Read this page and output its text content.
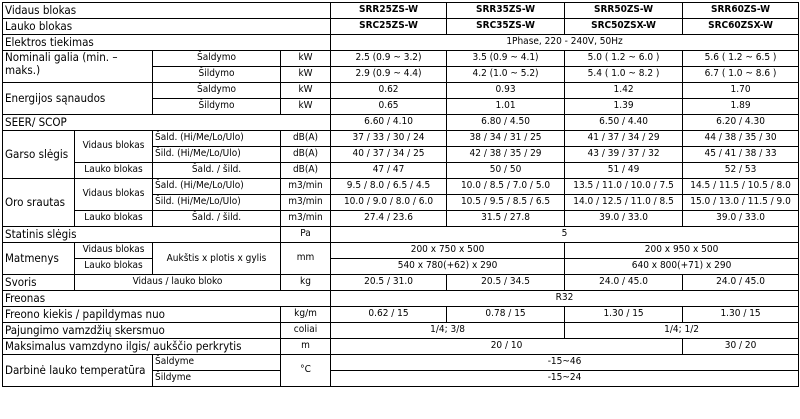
Vidaus blokas				SRR25ZS-W	SRR35ZS-W	SRR50ZS-W	SRR60ZS-W
Lauko blokas				SRC25ZS-W	SRC35ZS-W	SRC50ZSX-W	SRC60ZSX-W
Elektros tiekimas				1Phase, 220 - 240V, 50Hz			
Nominali galia (min. – maks.)		Šaldymo	kW	2.5 (0.9 ~ 3.2)	3.5 (0.9 ~ 4.1)	5.0 ( 1.2 ~ 6.0 )	5.6 ( 1.2 ~ 6.5 )
		Šildymo	kW	2.9 (0.9 ~ 4.4)	4.2 (1.0 ~ 5.2)	5.4 ( 1.0 ~ 8.2 )	6.7 ( 1.0 ~ 8.6 )
Energijos sąnaudos		Šaldymo	kW	0.62	0.93	1.42	1.70
		Šildymo	kW	0.65	1.01	1.39	1.89
SEER/ SCOP				6.60 / 4.10	6.80 / 4.50	6.50 / 4.40	6.20 / 4.30
Garso slėgis	Vidaus blokas	Šald. (Hi/Me/Lo/Ulo)	dB(A)	37 / 33 / 30 / 24	38 / 34 / 31 / 25	41 / 37 / 34 / 29	44 / 38 / 35 / 30
		Šild. (Hi/Me/Lo/Ulo)	dB(A)	40 / 37 / 34 / 25	42 / 38 / 35 / 29	43 / 39 / 37 / 32	45 / 41 / 38 / 33
	Lauko blokas	Šald. / šild.	dB(A)	47 / 47	50 / 50	51 / 49	52 / 53
Oro srautas	Vidaus blokas	Šald. (Hi/Me/Lo/Ulo)	m3/min	9.5 / 8.0 / 6.5 / 4.5	10.0 / 8.5 / 7.0 / 5.0	13.5 / 11.0 / 10.0 / 7.5	14.5 / 11.5 / 10.5 / 8.0
		Šild. (Hi/Me/Lo/Ulo)	m3/min	10.0 / 9.0 / 8.0 / 6.0	10.5 / 9.5 / 8.5 / 6.5	14.0 / 12.5 / 11.0 / 8.5	15.0 / 13.0 / 11.5 / 9.0
	Lauko blokas	Šald. / šild.	m3/min	27.4 / 23.6	31.5 / 27.8	39.0 / 33.0	39.0 / 33.0
Statinis slėgis			Pa	5			
Matmenys	Vidaus blokas	Aukštis x plotis x gylis	mm	200 x 750 x 500		200 x 950 x 500	
	Lauko blokas			540 x 780(+62) x 290		640 x 800(+71) x 290	
Svoris	Vidaus / lauko bloko		kg	20.5 / 31.0	20.5 / 34.5	24.0 / 45.0	24.0 / 45.0
Freonas				R32			
Freono kiekis / papildymas nuo			kg/m	0.62 / 15	0.78 / 15	1.30 / 15	1.30 / 15
Pajungimo vamzdžių skersmuo			coliai	1/4; 3/8		1/4; 1/2	
Maksimalus vamzdyno ilgis/ aukščio perkrytis			m	20 / 10			30 / 20
Darbinė lauko temperatūra		Šaldyme	°C	-15~46			
		Šildyme		-15~24			
